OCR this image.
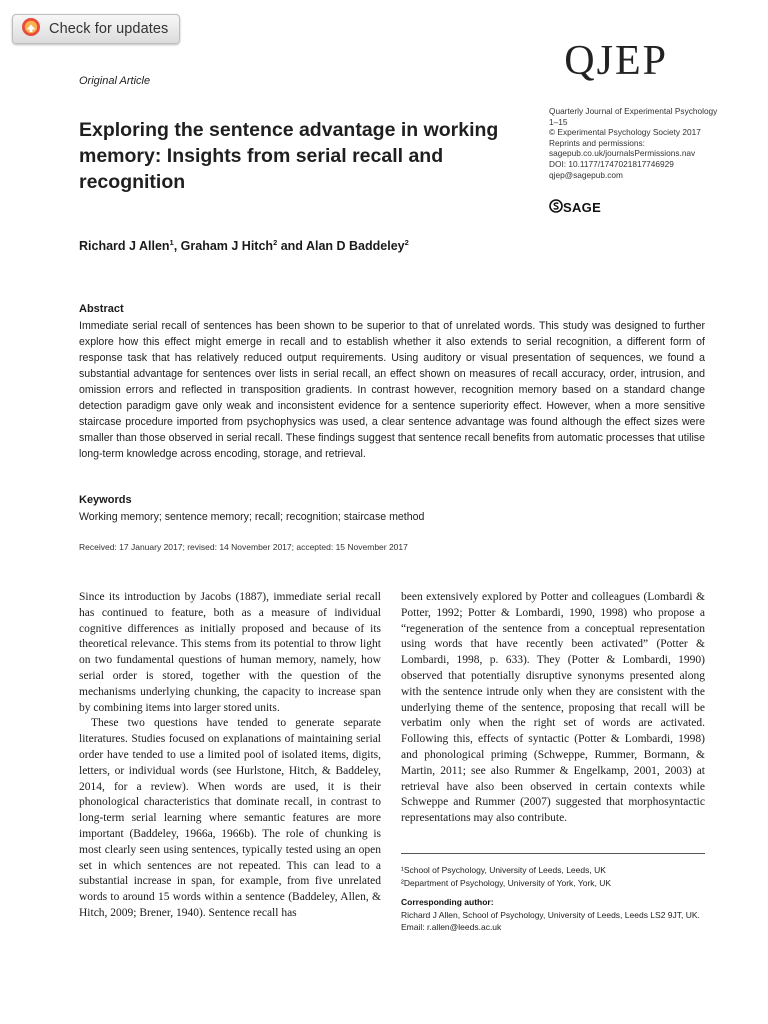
Check for updates
Original Article	QJEP
Quarterly Journal of Experimental Psychology
1–15
© Experimental Psychology Society 2017
Reprints and permissions:
sagepub.co.uk/journalsPermissions.nav
DOI: 10.1177/1747021817746929
qjep@sagepub.com
SAGE
Exploring the sentence advantage in working memory: Insights from serial recall and recognition
Richard J Allen$^1$, Graham J Hitch$^2$ and Alan D Baddeley$^2$
Abstract
Immediate serial recall of sentences has been shown to be superior to that of unrelated words. This study was designed to further explore how this effect might emerge in recall and to establish whether it also extends to serial recognition, a different form of response task that has relatively reduced output requirements. Using auditory or visual presentation of sequences, we found a substantial advantage for sentences over lists in serial recall, an effect shown on measures of recall accuracy, order, intrusion, and omission errors and reflected in transposition gradients. In contrast however, recognition memory based on a standard change detection paradigm gave only weak and inconsistent evidence for a sentence superiority effect. However, when a more sensitive staircase procedure imported from psychophysics was used, a clear sentence advantage was found although the effect sizes were smaller than those observed in serial recall. These findings suggest that sentence recall benefits from automatic processes that utilise long-term knowledge across encoding, storage, and retrieval.
Keywords
Working memory; sentence memory; recall; recognition; staircase method
Received: 17 January 2017; revised: 14 November 2017; accepted: 15 November 2017

Since its introduction by Jacobs (1887), immediate serial recall has continued to feature, both as a measure of individual cognitive differences as initially proposed and because of its theoretical relevance. This stems from its potential to throw light on two fundamental questions of human memory, namely, how serial order is stored, together with the question of the mechanisms underlying chunking, the capacity to increase span by combining items into larger stored units.

These two questions have tended to generate separate literatures. Studies focused on explanations of maintaining serial order have tended to use a limited pool of isolated items, digits, letters, or individual words (see Hurlstone, Hitch, & Baddeley, 2014, for a review). When words are used, it is their phonological characteristics that dominate recall, in contrast to long-term serial learning where semantic features are more important (Baddeley, 1966a, 1966b). The role of chunking is most clearly seen using sentences, typically tested using an open set in which sentences are not repeated. This can lead to a substantial increase in span, for example, from five unrelated words to around 15 words within a sentence (Baddeley, Allen, & Hitch, 2009; Brener, 1940). Sentence recall has

been extensively explored by Potter and colleagues (Lombardi & Potter, 1992; Potter & Lombardi, 1990, 1998) who propose a “regeneration of the sentence from a conceptual representation using words that have recently been activated” (Potter & Lombardi, 1998, p. 633). They (Potter & Lombardi, 1990) observed that potentially disruptive synonyms presented along with the sentence intrude only when they are consistent with the underlying theme of the sentence, proposing that recall will be verbatim only when the right set of words are activated. Following this, effects of syntactic (Potter & Lombardi, 1998) and phonological priming (Schweppe, Rummer, Bormann, & Martin, 2011; see also Rummer & Engelkamp, 2001, 2003) at retrieval have also been observed in certain contexts while Schweppe and Rummer (2007) suggested that morphosyntactic representations may also contribute.

¹School of Psychology, University of Leeds, Leeds, UK
²Department of Psychology, University of York, York, UK
Corresponding author:
Richard J Allen, School of Psychology, University of Leeds, Leeds LS2 9JT, UK.
Email: r.allen@leeds.ac.uk
